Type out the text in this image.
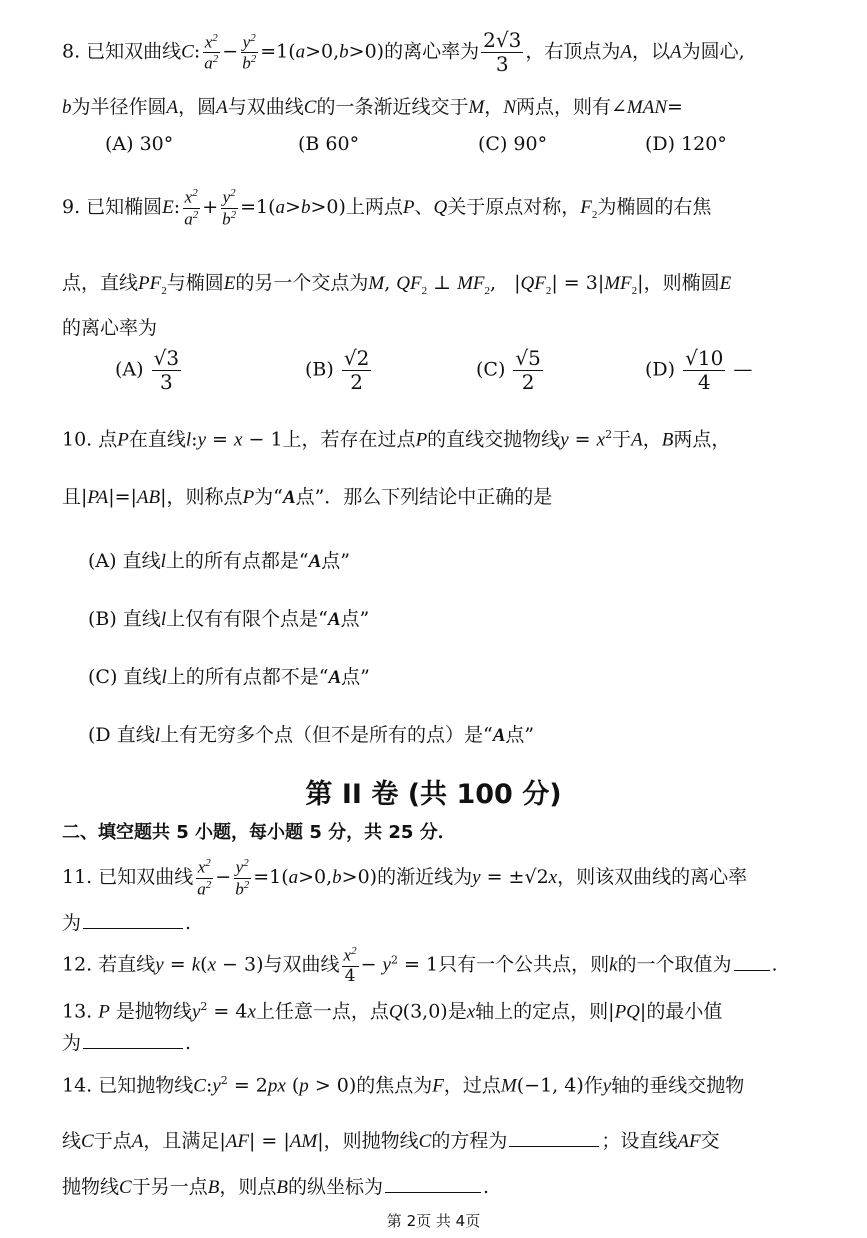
8. 已知双曲线C: $\frac{x^2}{a^2} - \frac{y^2}{b^2} =1(a>0,b>0)$的离心率为 $\frac{2√3}{3}$ ，右顶点为A，以A为圆心,
b为半径作圆A，圆A与双曲线C的一条渐近线交于M，N两点，则有∠MAN=
(A) 30°	(B 60°	(C) 90°	(D) 120°
9. 已知椭圆E: $\frac{x^2}{a^2} + \frac{y^2}{b^2} =1(a>b>0)$上两点P、Q关于原点对称，$F_2$为椭圆的右焦
点，直线$PF_2$与椭圆E的另一个交点为M, $QF_2$ ⊥ $MF_2$, $|QF_2| = 3|MF_2|$，则椭圆E
的离心率为
$(A) \frac{√3}{3}$	$(B) \frac{√2}{2}$	$(C) \frac{√5}{2}$	$(D) \frac{√10}{4}$ —
10. 点P在直线l:y = x − 1上，若存在过点P的直线交抛物线$y = x^2$于A，B两点，
且|PA|=|AB|，则称点P为“A点”．那么下列结论中正确的是
(A) 直线l上的所有点都是“A点”
(B) 直线l上仅有有限个点是“A点”
(C) 直线l上的所有点都不是“A点”
(D 直线l上有无穷多个点（但不是所有的点）是“A点”
第 II 卷 (共 100 分)
二、填空题共 5 小题，每小题 5 分，共 25 分．
11. 已知双曲线 $\frac{x^2}{a^2} - \frac{y^2}{b^2} =1(a>0,b>0)$的渐近线为y = ±√2x，则该双曲线的离心率
为	.
12. 若直线y = k(x − 3)与双曲线 $\frac{x^2}{4} - y^2 = 1$只有一个公共点，则k的一个取值为 .
13. P 是抛物线$y^2 = 4x$上任意一点，点Q(3,0)是x轴上的定点，则|PQ|的最小值
为	.
14. 已知抛物线$C:y^2 = 2px$ (p > 0)的焦点为F，过点M(−1, 4)作y轴的垂线交抛物
线C于点A，且满足|AF| = |AM|，则抛物线C的方程为	；设直线AF交
抛物线C于另一点B，则点B的纵坐标为	.
第 2页 共 4页
